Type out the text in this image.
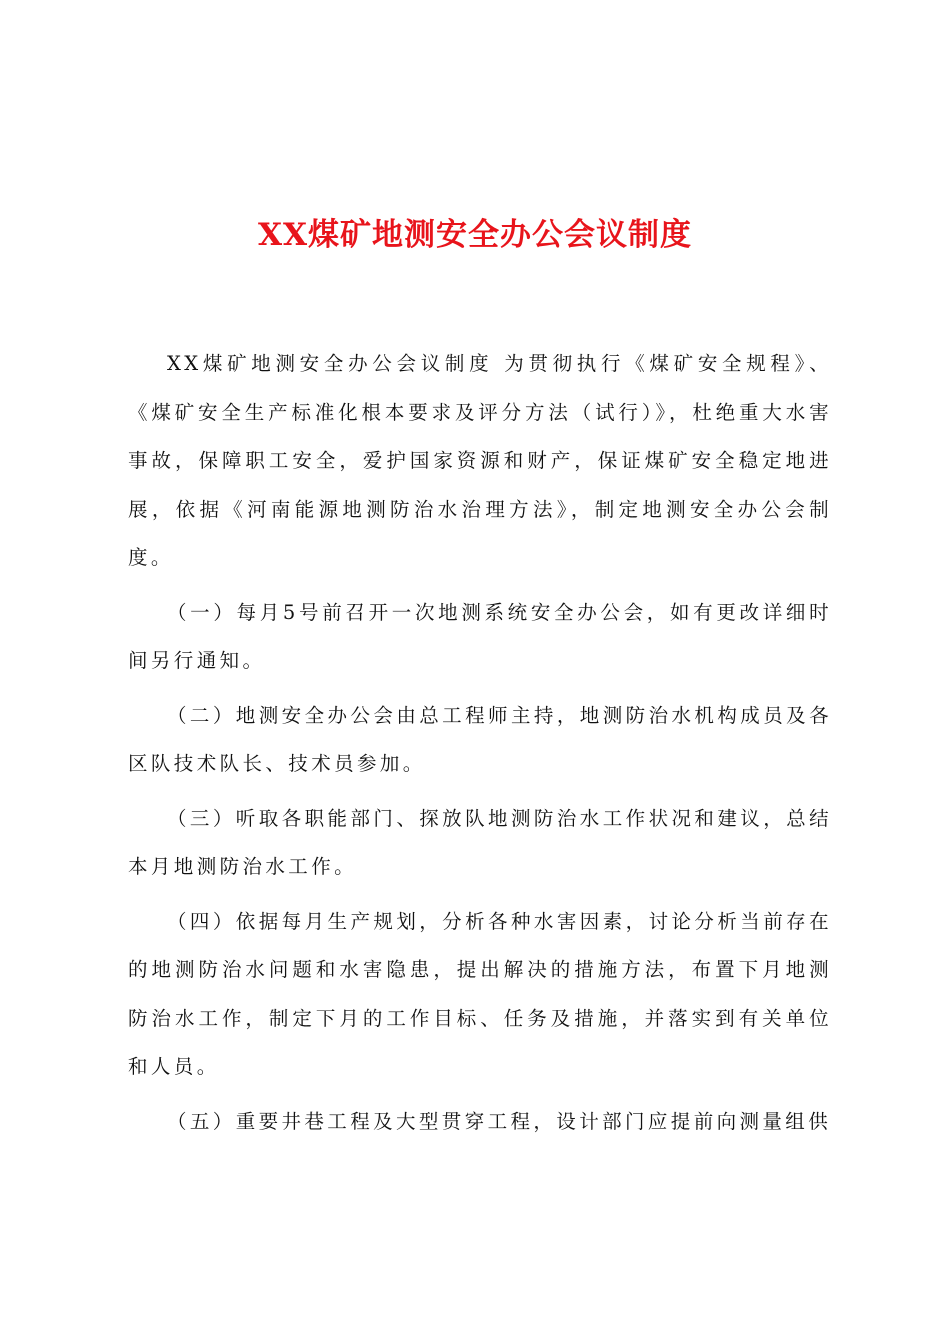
XX煤矿地测安全办公会议制度

XX煤矿地测安全办公会议制度 为贯彻执行《煤矿安全规程》、《煤矿安全生产标准化根本要求及评分方法（试行）》，杜绝重大水害事故，保障职工安全，爱护国家资源和财产，保证煤矿安全稳定地进展，依据《河南能源地测防治水治理方法》，制定地测安全办公会制度。

（一）每月5号前召开一次地测系统安全办公会，如有更改详细时间另行通知。

（二）地测安全办公会由总工程师主持，地测防治水机构成员及各区队技术队长、技术员参加。

（三）听取各职能部门、探放队地测防治水工作状况和建议，总结本月地测防治水工作。

（四）依据每月生产规划，分析各种水害因素，讨论分析当前存在的地测防治水问题和水害隐患，提出解决的措施方法，布置下月地测防治水工作，制定下月的工作目标、任务及措施，并落实到有关单位和人员。

（五）重要井巷工程及大型贯穿工程，设计部门应提前向测量组供
